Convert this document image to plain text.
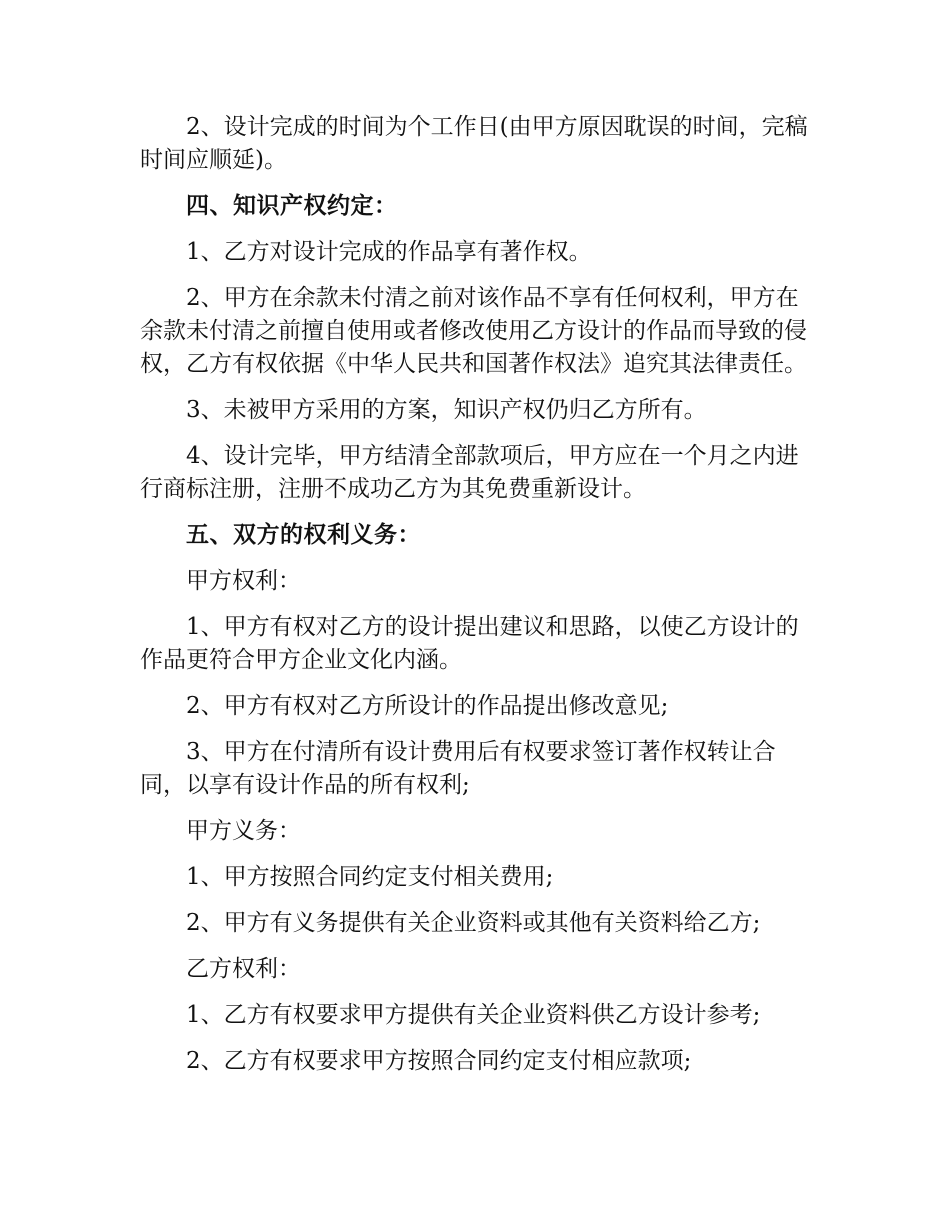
2、设计完成的时间为个工作日(由甲方原因耽误的时间，完稿时间应顺延)。

四、知识产权约定：

1、乙方对设计完成的作品享有著作权。

2、甲方在余款未付清之前对该作品不享有任何权利，甲方在余款未付清之前擅自使用或者修改使用乙方设计的作品而导致的侵权，乙方有权依据《中华人民共和国著作权法》追究其法律责任。

3、未被甲方采用的方案，知识产权仍归乙方所有。

4、设计完毕，甲方结清全部款项后，甲方应在一个月之内进行商标注册，注册不成功乙方为其免费重新设计。

五、双方的权利义务：

甲方权利：

1、甲方有权对乙方的设计提出建议和思路，以使乙方设计的作品更符合甲方企业文化内涵。

2、甲方有权对乙方所设计的作品提出修改意见;

3、甲方在付清所有设计费用后有权要求签订著作权转让合同，以享有设计作品的所有权利;

甲方义务：

1、甲方按照合同约定支付相关费用;

2、甲方有义务提供有关企业资料或其他有关资料给乙方;

乙方权利：

1、乙方有权要求甲方提供有关企业资料供乙方设计参考;

2、乙方有权要求甲方按照合同约定支付相应款项;
